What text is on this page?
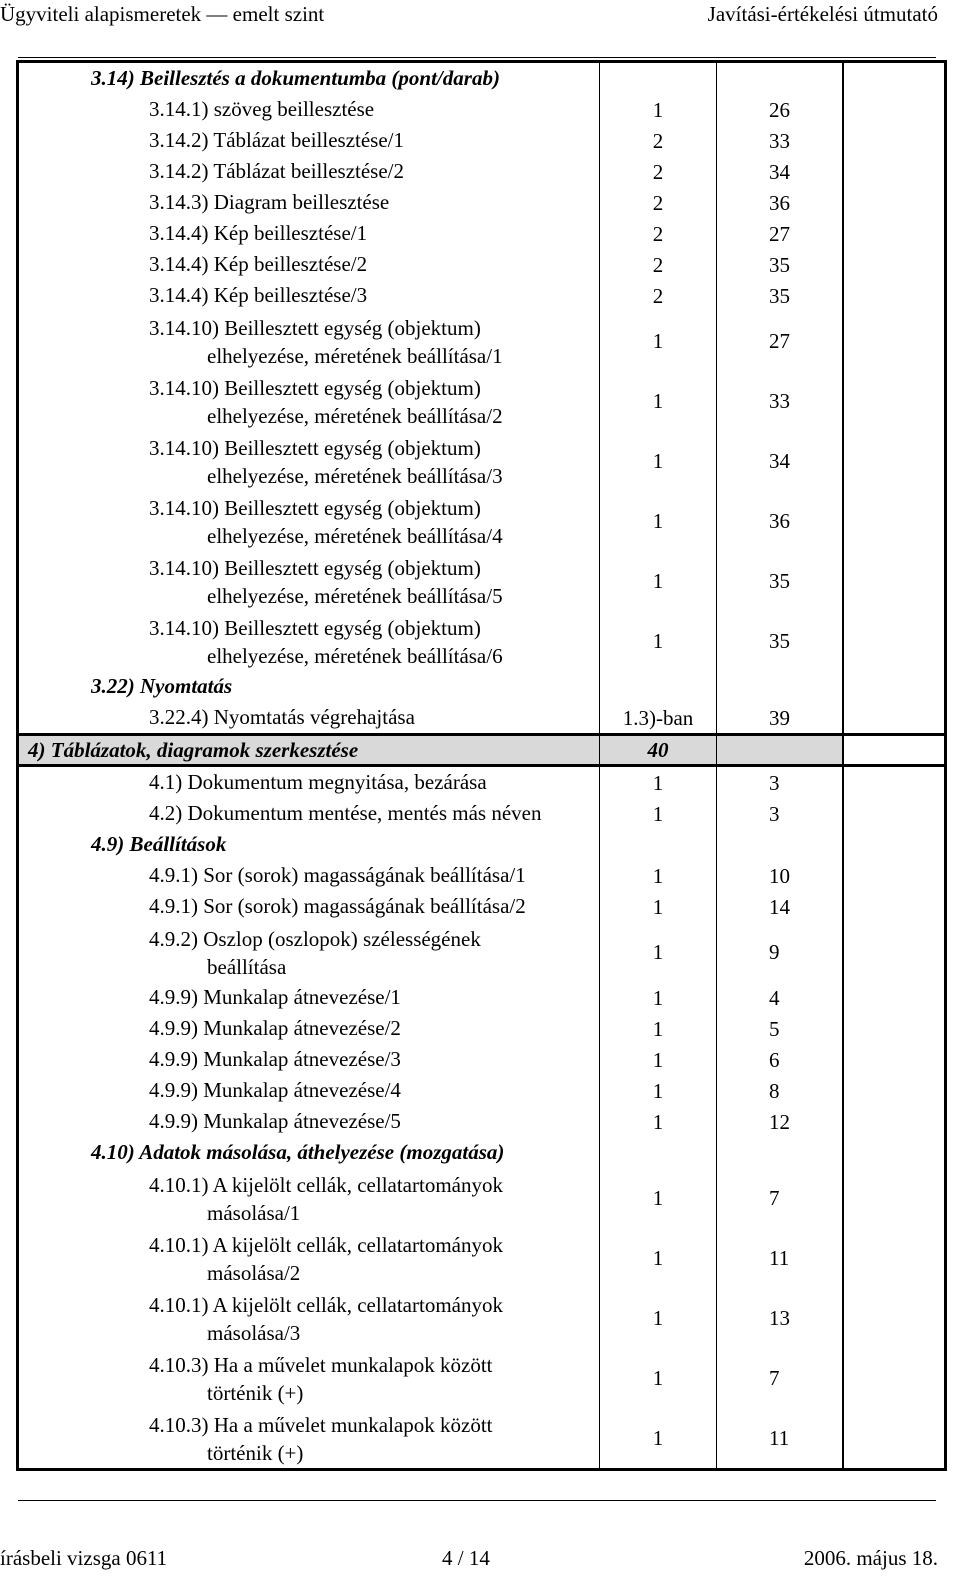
Ügyviteli alapismeretek — emelt szint	Javítási-értékelési útmutató
3.14) Beillesztés a dokumentumba (pont/darab)			
3.14.1) szöveg beillesztése	1	26	
3.14.2) Táblázat beillesztése/1	2	33	
3.14.2) Táblázat beillesztése/2	2	34	
3.14.3) Diagram beillesztése	2	36	
3.14.4) Kép beillesztése/1	2	27	
3.14.4) Kép beillesztése/2	2	35	
3.14.4) Kép beillesztése/3	2	35	
3.14.10) Beillesztett egység (objektum)
elhelyezése, méretének beállítása/1	1	27	
3.14.10) Beillesztett egység (objektum)
elhelyezése, méretének beállítása/2	1	33	
3.14.10) Beillesztett egység (objektum)
elhelyezése, méretének beállítása/3	1	34	
3.14.10) Beillesztett egység (objektum)
elhelyezése, méretének beállítása/4	1	36	
3.14.10) Beillesztett egység (objektum)
elhelyezése, méretének beállítása/5	1	35	
3.14.10) Beillesztett egység (objektum)
elhelyezése, méretének beállítása/6	1	35	
3.22) Nyomtatás			
3.22.4) Nyomtatás végrehajtása	1.3)-ban	39	
4) Táblázatok, diagramok szerkesztése	40		
4.1) Dokumentum megnyitása, bezárása	1	3	
4.2) Dokumentum mentése, mentés más néven	1	3	
4.9) Beállítások			
4.9.1) Sor (sorok) magasságának beállítása/1	1	10	
4.9.1) Sor (sorok) magasságának beállítása/2	1	14	
4.9.2) Oszlop (oszlopok) szélességének
beállítása	1	9	
4.9.9) Munkalap átnevezése/1	1	4	
4.9.9) Munkalap átnevezése/2	1	5	
4.9.9) Munkalap átnevezése/3	1	6	
4.9.9) Munkalap átnevezése/4	1	8	
4.9.9) Munkalap átnevezése/5	1	12	
4.10) Adatok másolása, áthelyezése (mozgatása)			
4.10.1) A kijelölt cellák, cellatartományok
másolása/1	1	7	
4.10.1) A kijelölt cellák, cellatartományok
másolása/2	1	11	
4.10.1) A kijelölt cellák, cellatartományok
másolása/3	1	13	
4.10.3) Ha a művelet munkalapok között
történik (+)	1	7	
4.10.3) Ha a művelet munkalapok között
történik (+)	1	11	
írásbeli vizsga 0611	4 / 14	2006. május 18.
